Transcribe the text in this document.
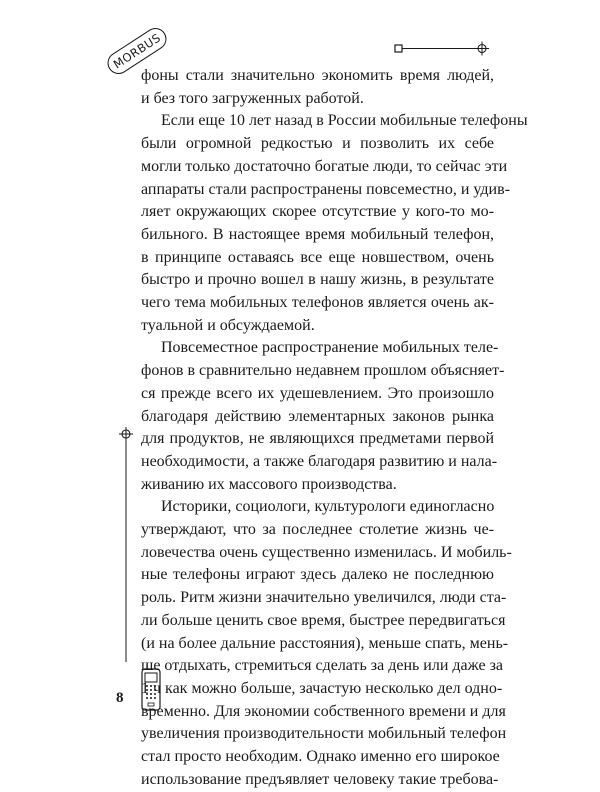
MORBUS
фоны стали значительно экономить время людей,
и без того загруженных работой.
Если еще 10 лет назад в России мобильные телефоны
были огромной редкостью и позволить их себе
могли только достаточно богатые люди, то сейчас эти
аппараты стали распространены повсеместно, и удив-
ляет окружающих скорее отсутствие у кого-то мо-
бильного. В настоящее время мобильный телефон,
в принципе оставаясь все еще новшеством, очень
быстро и прочно вошел в нашу жизнь, в результате
чего тема мобильных телефонов является очень ак-
туальной и обсуждаемой.
Повсеместное распространение мобильных теле-
фонов в сравнительно недавнем прошлом объясняет-
ся прежде всего их удешевлением. Это произошло
благодаря действию элементарных законов рынка
для продуктов, не являющихся предметами первой
необходимости, а также благодаря развитию и нала-
живанию их массового производства.
Историки, социологи, культурологи единогласно
утверждают, что за последнее столетие жизнь че-
ловечества очень существенно изменилась. И мобиль-
ные телефоны играют здесь далеко не последнюю
роль. Ритм жизни значительно увеличился, люди ста-
ли больше ценить свое время, быстрее передвигаться
(и на более дальние расстояния), меньше спать, мень-
ше отдыхать, стремиться сделать за день или даже за
1 ч как можно больше, зачастую несколько дел одно-
временно. Для экономии собственного времени и для
увеличения производительности мобильный телефон
стал просто необходим. Однако именно его широкое
использование предъявляет человеку такие требова-
8
